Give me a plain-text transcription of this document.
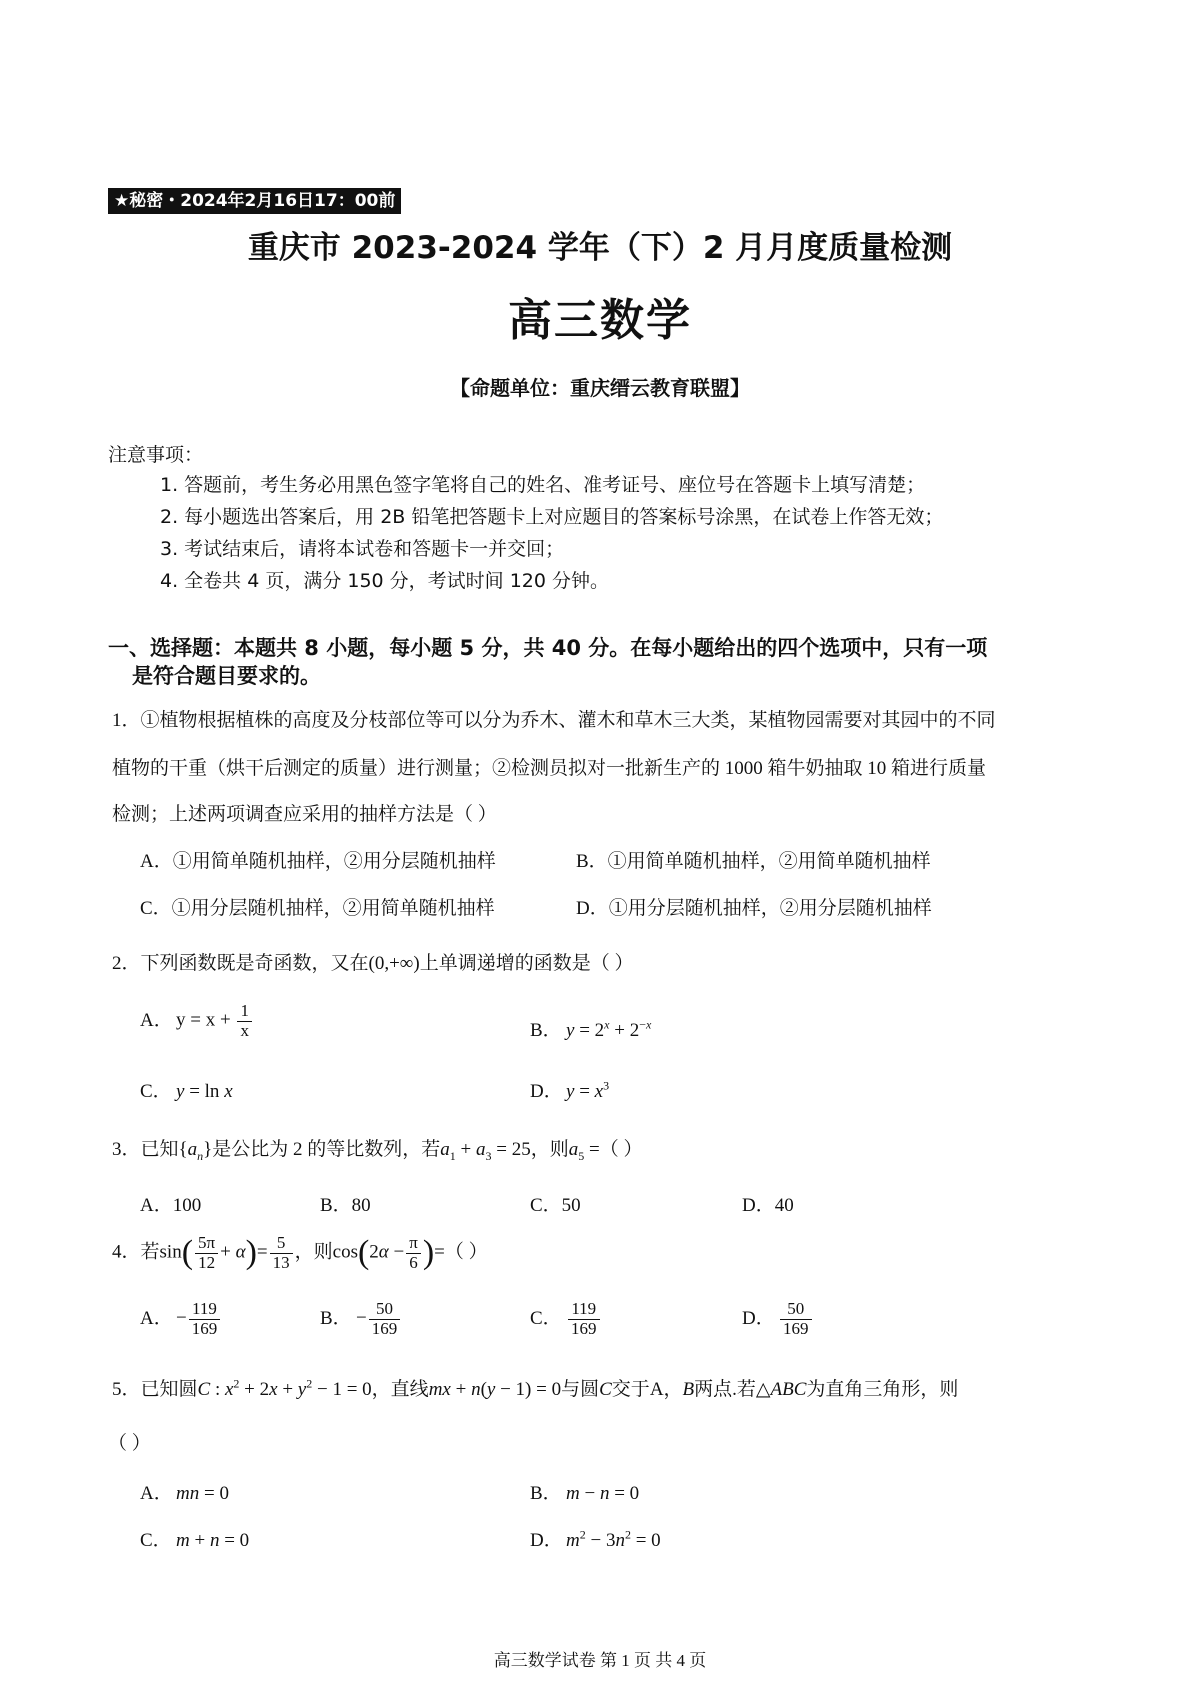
★秘密・2024年2月16日17：00前
重庆市 2023-2024 学年（下）2 月月度质量检测
高三数学
【命题单位：重庆缙云教育联盟】
注意事项：
1. 答题前，考生务必用黑色签字笔将自己的姓名、准考证号、座位号在答题卡上填写清楚；
2. 每小题选出答案后，用 2B 铅笔把答题卡上对应题目的答案标号涂黑，在试卷上作答无效；
3. 考试结束后，请将本试卷和答题卡一并交回；
4. 全卷共 4 页，满分 150 分，考试时间 120 分钟。
一、选择题：本题共 8 小题，每小题 5 分，共 40 分。在每小题给出的四个选项中，只有一项
是符合题目要求的。
1．①植物根据植株的高度及分枝部位等可以分为乔木、灌木和草木三大类，某植物园需要对其园中的不同
植物的干重（烘干后测定的质量）进行测量；②检测员拟对一批新生产的 1000 箱牛奶抽取 10 箱进行质量
检测；上述两项调查应采用的抽样方法是（ ）
A．①用简单随机抽样，②用分层随机抽样	B．①用简单随机抽样，②用简单随机抽样
C．①用分层随机抽样，②用简单随机抽样	D．①用分层随机抽样，②用分层随机抽样
2．下列函数既是奇函数，又在(0,+∞)上单调递增的函数是（ ）
A． $y = x + \frac{1}{x}$	B． $y = 2^x + 2^{-x}$
C． y = ln x	D． $y = x^3$
3．已知$\{a_n\}$是公比为 2 的等比数列，若$a_1 + a_3 = 25$，则$a_5$ =（ ）
A．100	B．80	C．50	D．40
4．若$\sin( \frac{5\pi}{12} + \alpha)= \frac{5}{13}$ ，则$\cos(2\alpha - \frac{\pi}{6}$ )=（ ）
A． − $\frac{119}{169}$	B． − $\frac{50}{169}$	C． $\frac{119}{169}$	D． $\frac{50}{169}$
5．已知圆C : $x^2 + 2x + y^2 - 1 = 0$，直线mx + n(y − 1) = 0与圆C交于A，B两点.若△ABC为直角三角形，则
（ ）
A． mn = 0	B． m − n = 0
C． m + n = 0	D． $m^2 - 3n^2 = 0$
高三数学试卷 第 1 页 共 4 页
